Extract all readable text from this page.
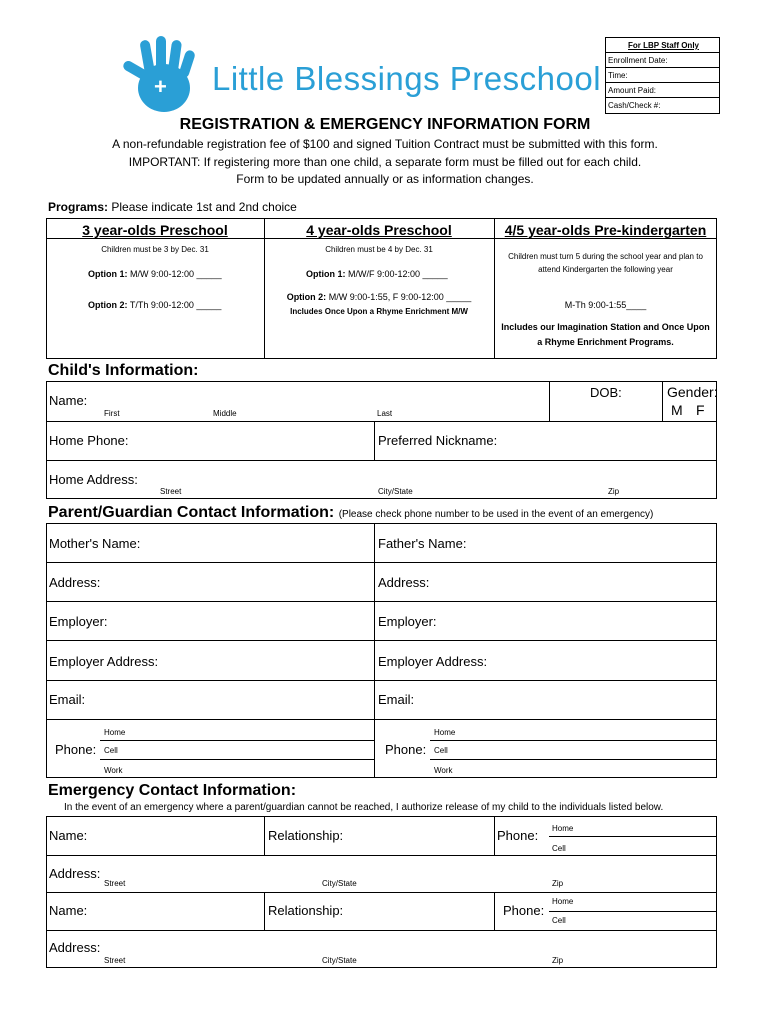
+ Little Blessings Preschool
For LBP Staff Only
Enrollment Date:
Time:
Amount Paid:
Cash/Check #:
REGISTRATION & EMERGENCY INFORMATION FORM
A non-refundable registration fee of $100 and signed Tuition Contract must be submitted with this form.
IMPORTANT: If registering more than one child, a separate form must be filled out for each child.
Form to be updated annually or as information changes.
Programs: Please indicate 1st and 2nd choice
3 year-olds Preschool
Children must be 3 by Dec. 31
Option 1: M/W 9:00-12:00 _____
Option 2: T/Th 9:00-12:00 _____
4 year-olds Preschool
Children must be 4 by Dec. 31
Option 1: M/W/F 9:00-12:00 _____
Option 2: M/W 9:00-1:55, F 9:00-12:00 _____
Includes Once Upon a Rhyme Enrichment M/W
4/5 year-olds Pre-kindergarten
Children must turn 5 during the school year and plan to
attend Kindergarten the following year
M-Th 9:00-1:55____
Includes our Imagination Station and Once Upon
a Rhyme Enrichment Programs.
Child's Information:
Name:
First	Middle	Last
DOB:	Gender:
M F
Home Phone:	Preferred Nickname:
Home Address:
Street	City/State	Zip
Parent/Guardian Contact Information: (Please check phone number to be used in the event of an emergency)
Mother's Name:	Father's Name:
Address:	Address:
Employer:	Employer:
Employer Address:	Employer Address:
Email:	Email:
Phone:
Home
Cell
Work
Phone:
Home
Cell
Work
Emergency Contact Information:
In the event of an emergency where a parent/guardian cannot be reached, I authorize release of my child to the individuals listed below.
Name:	Relationship:	Phone: Home
Cell
Address:
Street	City/State	Zip
Name:	Relationship:	Phone:
Home
Cell
Address:
Street	City/State	Zip
